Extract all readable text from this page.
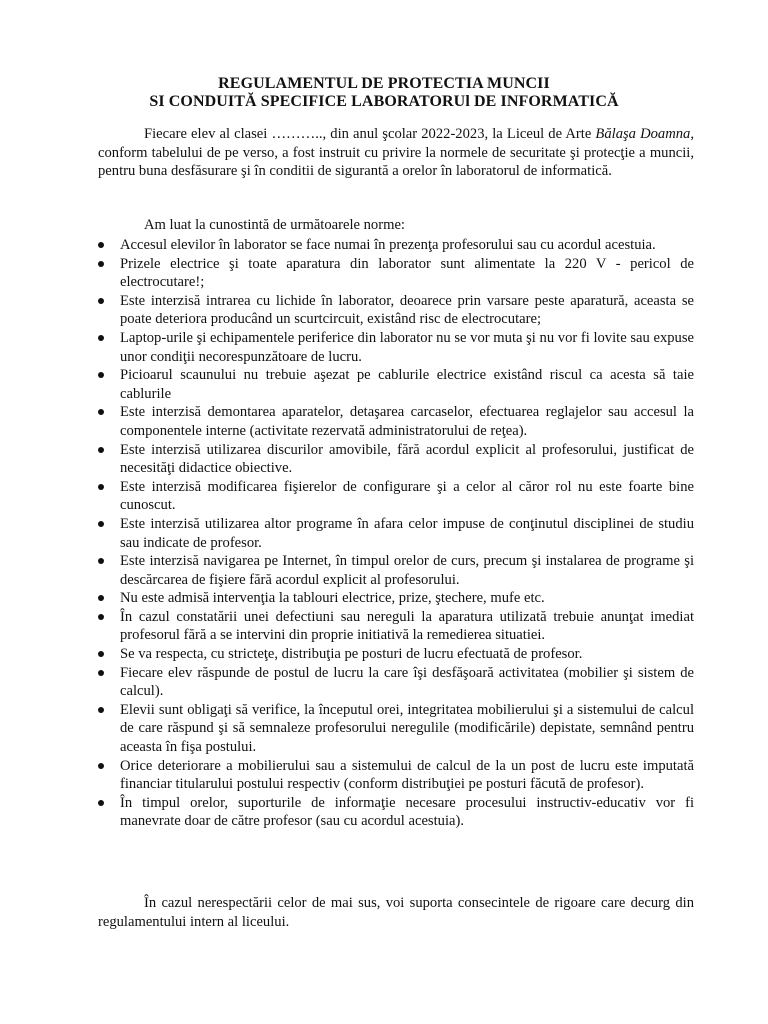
REGULAMENTUL DE PROTECTIA MUNCII
SI CONDUITĂ SPECIFICE LABORATORUl DE INFORMATICĂ
Fiecare elev al clasei ……….., din anul şcolar 2022-2023, la Liceul de Arte Bălaşa Doamna, conform tabelului de pe verso, a fost instruit cu privire la normele de securitate şi protecţie a muncii, pentru buna desfăsurare şi în conditii de sigurantă a orelor în laboratorul de informatică.
Am luat la cunostintă de următoarele norme:
Accesul elevilor în laborator se face numai în prezenţa profesorului sau cu acordul acestuia.
Prizele electrice şi toate aparatura din laborator sunt alimentate la 220 V - pericol de electrocutare!;
Este interzisă intrarea cu lichide în laborator, deoarece prin varsare peste aparatură, aceasta se poate deteriora producând un scurtcircuit, existând risc de electrocutare;
Laptop-urile şi echipamentele periferice din laborator nu se vor muta şi nu vor fi lovite sau expuse unor condiţii necorespunzătoare de lucru.
Picioarul scaunului nu trebuie aşezat pe cablurile electrice existând riscul ca acesta să taie cablurile
Este interzisă demontarea aparatelor, detaşarea carcaselor, efectuarea reglajelor sau accesul la componentele interne (activitate rezervată administratorului de reţea).
Este interzisă utilizarea discurilor amovibile, fără acordul explicit al profesorului, justificat de necesităţi didactice obiective.
Este interzisă modificarea fişierelor de configurare şi a celor al căror rol nu este foarte bine cunoscut.
Este interzisă utilizarea altor programe în afara celor impuse de conţinutul disciplinei de studiu sau indicate de profesor.
Este interzisă navigarea pe Internet, în timpul orelor de curs, precum şi instalarea de programe şi descărcarea de fişiere fără acordul explicit al profesorului.
Nu este admisă intervenţia la tablouri electrice, prize, ştechere, mufe etc.
În cazul constatării unei defectiuni sau nereguli la aparatura utilizată trebuie anunţat imediat profesorul fără a se intervini din proprie initiativă la remedierea situatiei.
Se va respecta, cu stricteţe, distribuţia pe posturi de lucru efectuată de profesor.
Fiecare elev răspunde de postul de lucru la care îşi desfăşoară activitatea (mobilier şi sistem de calcul).
Elevii sunt obligaţi să verifice, la începutul orei, integritatea mobilierului şi a sistemului de calcul de care răspund şi să semnaleze profesorului neregulile (modificările) depistate, semnând pentru aceasta în fişa postului.
Orice deteriorare a mobilierului sau a sistemului de calcul de la un post de lucru este imputată financiar titularului postului respectiv (conform distribuţiei pe posturi făcută de profesor).
În timpul orelor, suporturile de informaţie necesare procesului instructiv-educativ vor fi manevrate doar de către profesor (sau cu acordul acestuia).
În cazul nerespectării celor de mai sus, voi suporta consecintele de rigoare care decurg din regulamentului intern al liceului.
